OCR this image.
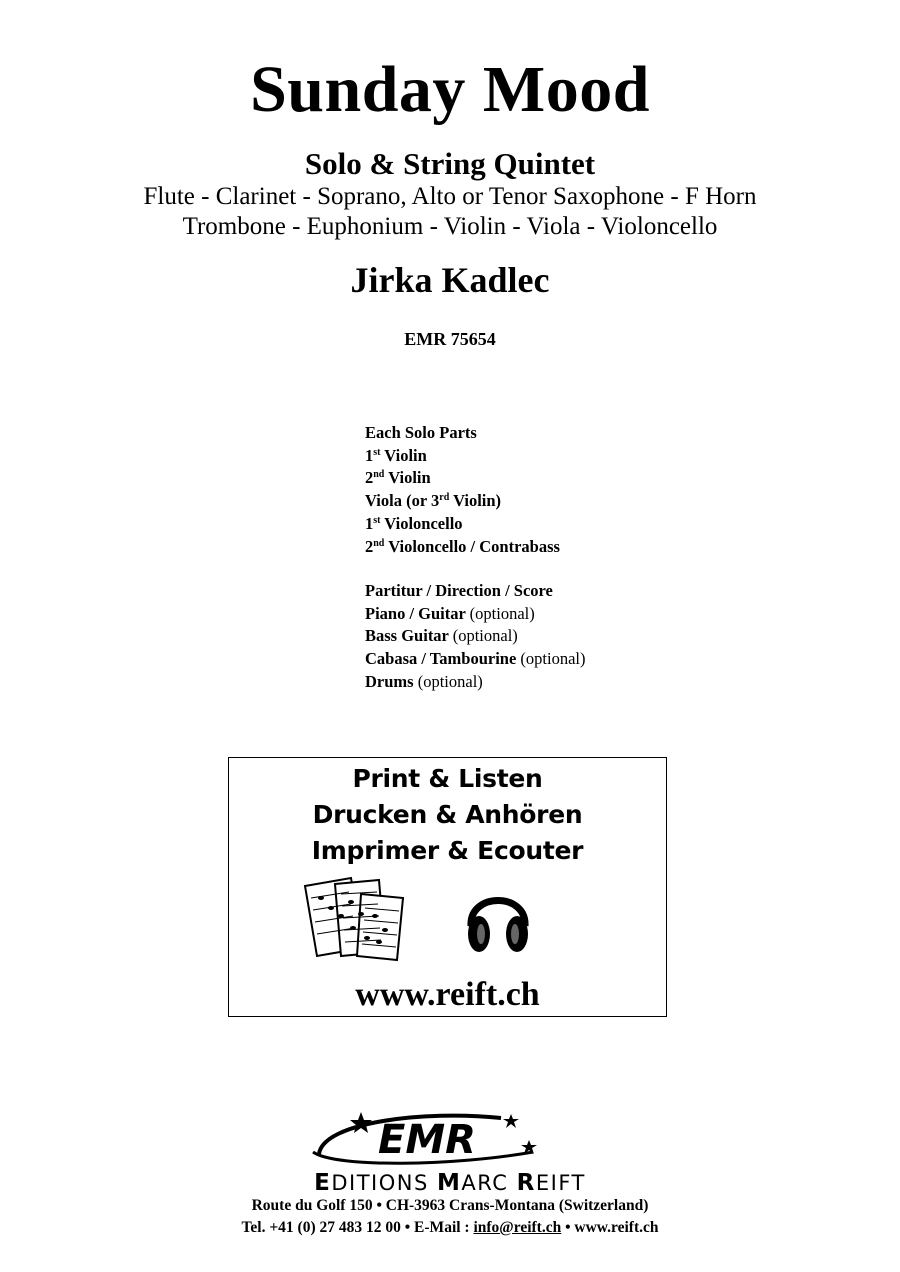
Sunday Mood
Solo & String Quintet
Flute - Clarinet - Soprano, Alto or Tenor Saxophone - F Horn
Trombone - Euphonium - Violin - Viola - Violoncello
Jirka Kadlec
EMR 75654
Each Solo Parts
1st Violin
2nd Violin
Viola (or 3rd Violin)
1st Violoncello
2nd Violoncello / Contrabass
Partitur / Direction / Score
Piano / Guitar (optional)
Bass Guitar (optional)
Cabasa / Tambourine (optional)
Drums (optional)
Print & Listen
Drucken & Anhören
Imprimer & Ecouter
www.reift.ch
EMR
EDITIONS MARC REIFT
Route du Golf 150 • CH-3963 Crans-Montana (Switzerland)
Tel. +41 (0) 27 483 12 00 • E-Mail : info@reift.ch • www.reift.ch
